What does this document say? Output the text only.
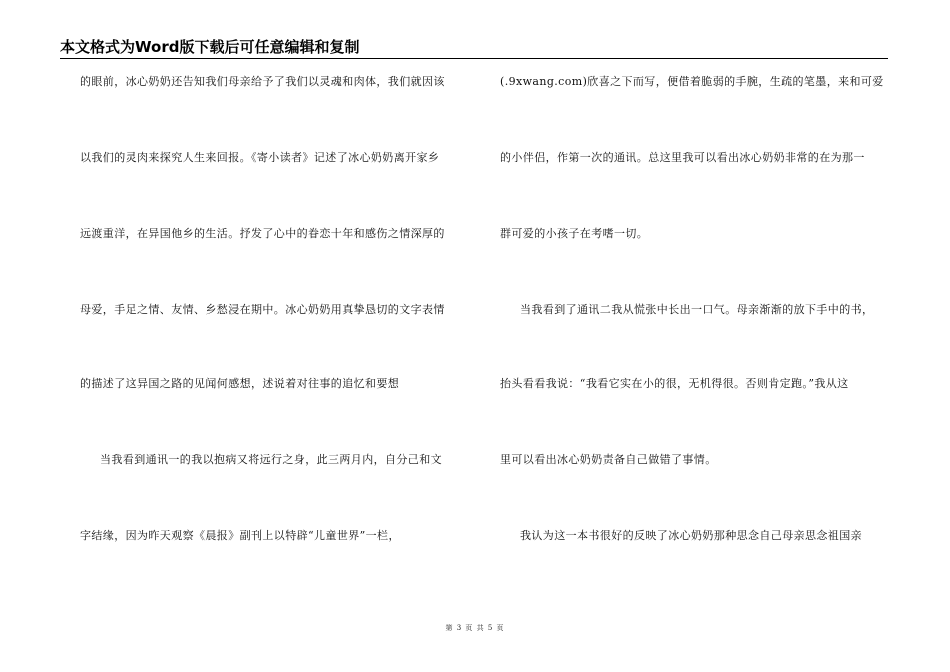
本文格式为Word版下载后可任意编辑和复制
的眼前，冰心奶奶还告知我们母亲给予了我们以灵魂和肉体，我们就因该
以我们的灵肉来探究人生来回报。《寄小读者》记述了冰心奶奶离开家乡
远渡重洋，在异国他乡的生活。抒发了心中的眷恋十年和感伤之情深厚的
母爱，手足之情、友情、乡愁浸在期中。冰心奶奶用真挚恳切的文字表情
的描述了这异国之路的见闻何感想，述说着对往事的追忆和要想
当我看到通讯一的我以抱病又将远行之身，此三两月内，自分己和文
字结缘，因为昨天观察《晨报》副刊上以特辟“儿童世界”一栏，
(.9xwang.com)欣喜之下而写，便借着脆弱的手腕，生疏的笔墨，来和可爱
的小伴侣，作第一次的通讯。总这里我可以看出冰心奶奶非常的在为那一
群可爱的小孩子在考嗜一切。
当我看到了通讯二我从慌张中长出一口气。母亲渐渐的放下手中的书，
抬头看看我说：“我看它实在小的很，无机得很。否则肯定跑。”我从这
里可以看出冰心奶奶责备自己做错了事情。
我认为这一本书很好的反映了冰心奶奶那种思念自己母亲思念祖国亲
第 3 页 共 5 页
